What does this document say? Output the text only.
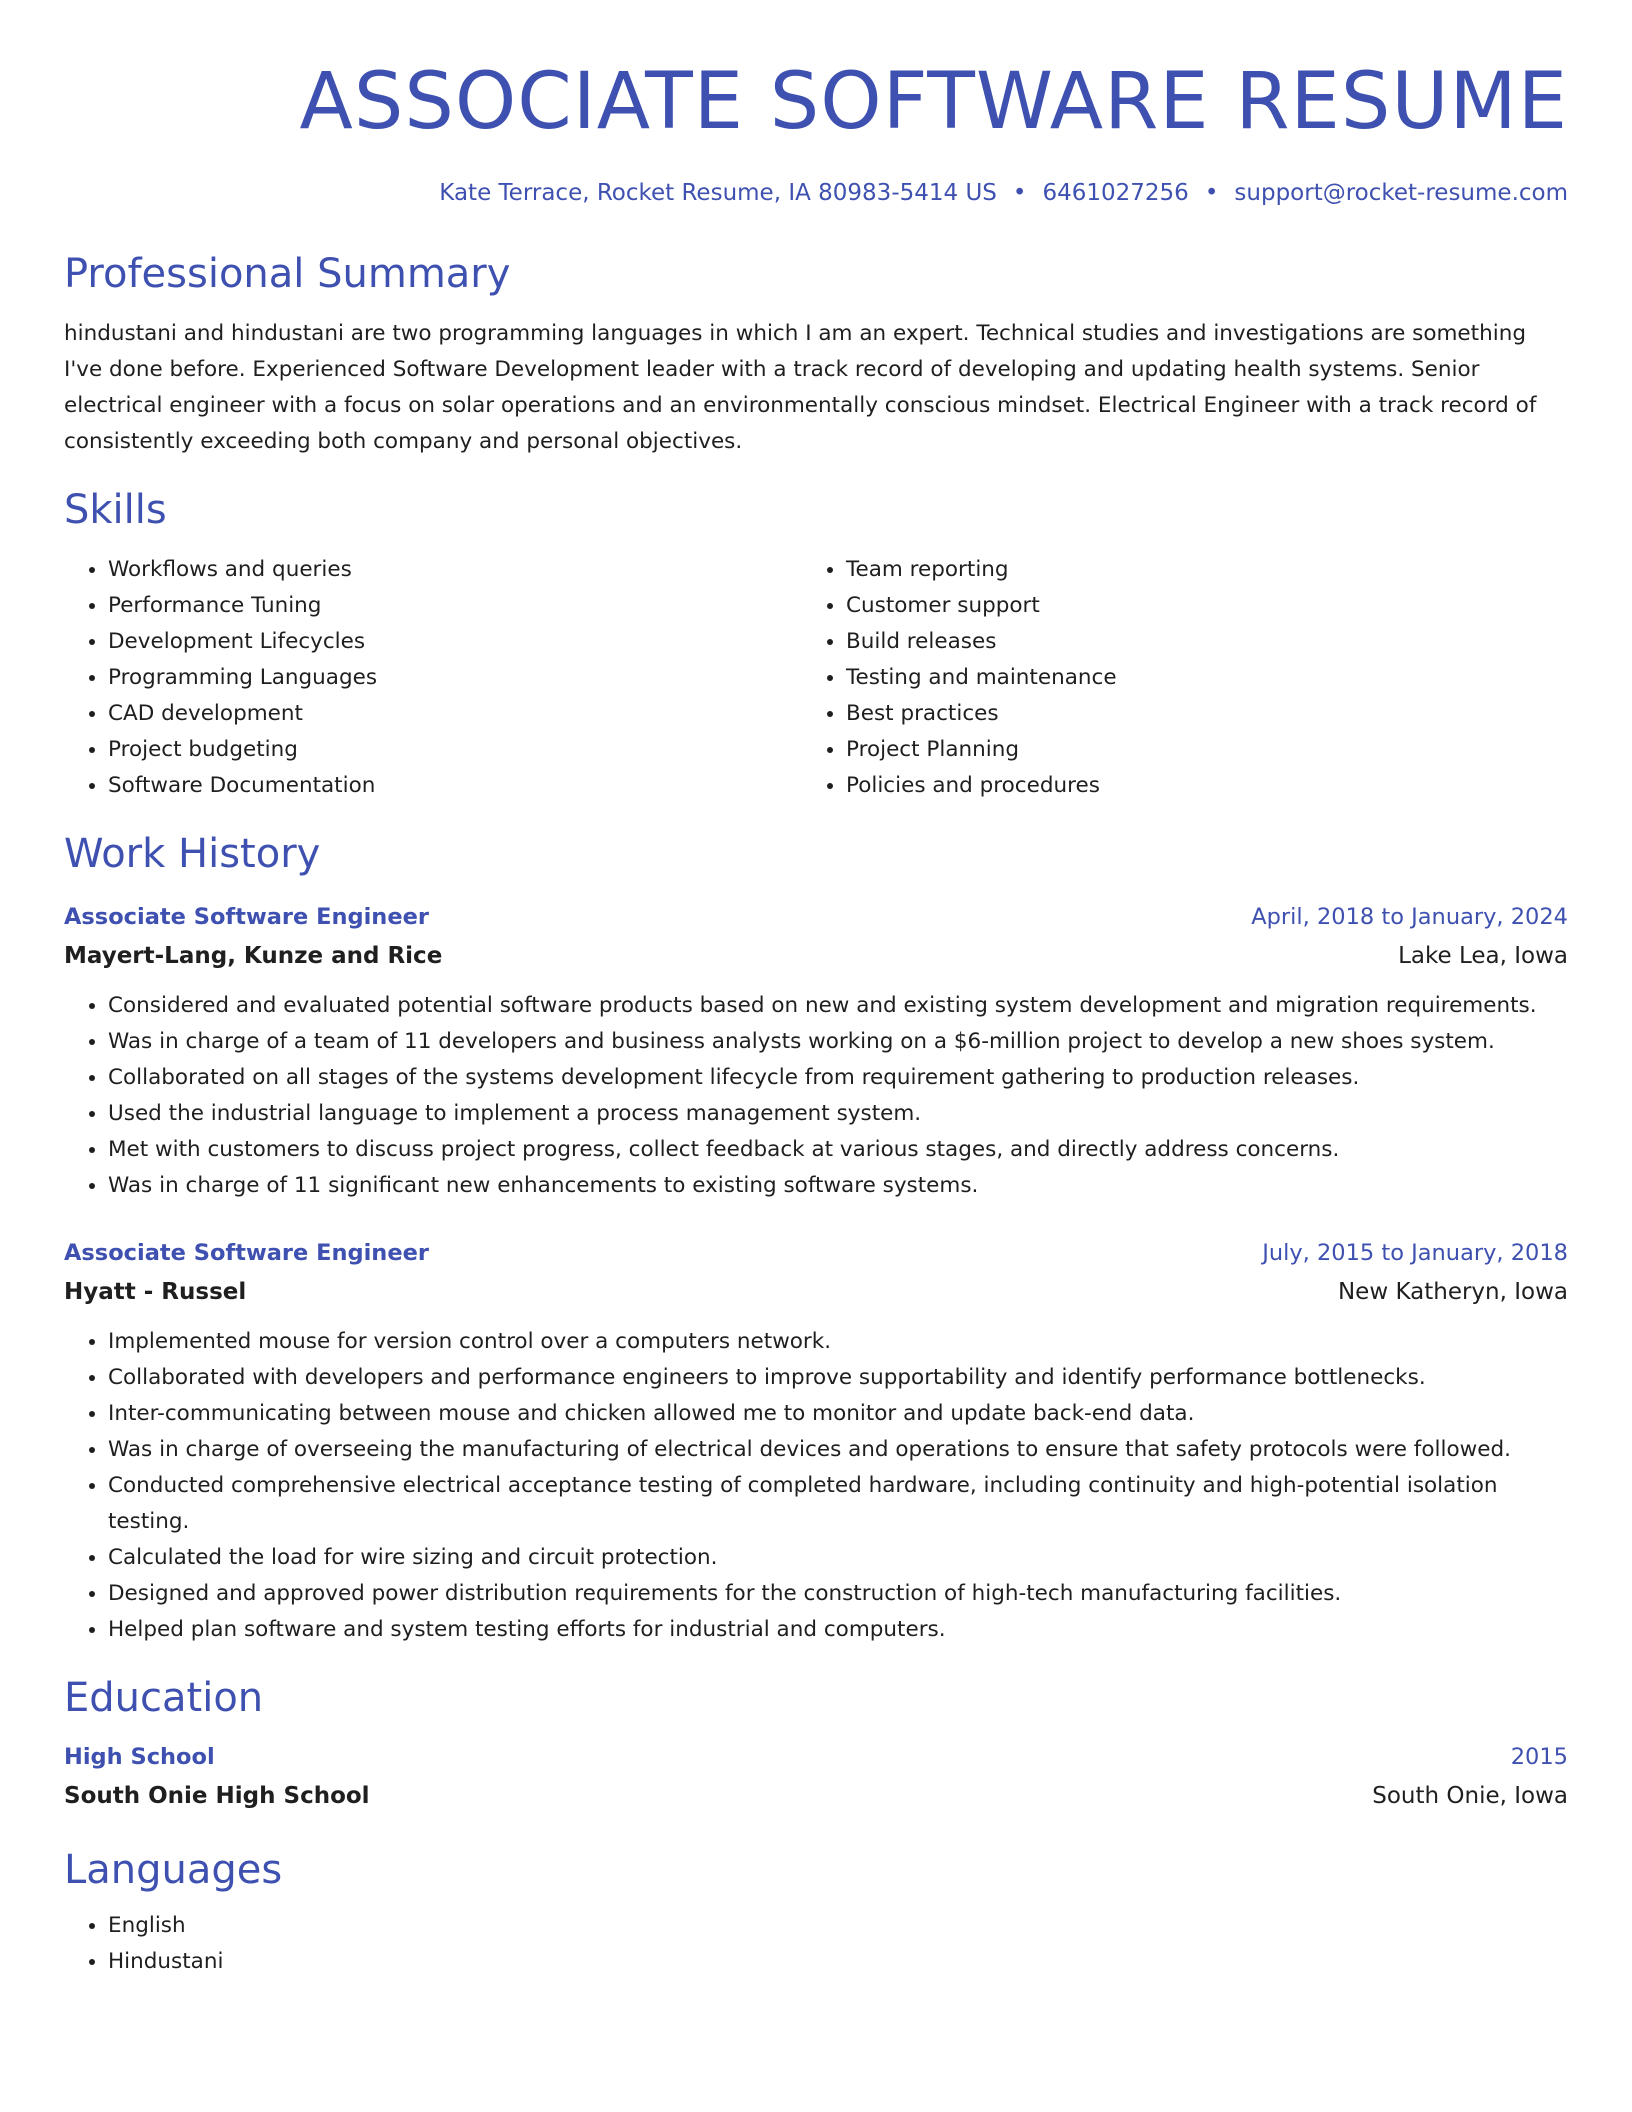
ASSOCIATE SOFTWARE RESUME
Kate Terrace, Rocket Resume, IA 80983-5414 US • 6461027256 • support@rocket-resume.com
Professional Summary
hindustani and hindustani are two programming languages in which I am an expert. Technical studies and investigations are something I've done before. Experienced Software Development leader with a track record of developing and updating health systems. Senior electrical engineer with a focus on solar operations and an environmentally conscious mindset. Electrical Engineer with a track record of consistently exceeding both company and personal objectives.
Skills
• Workflows and queries
• Performance Tuning
• Development Lifecycles
• Programming Languages
• CAD development
• Project budgeting
• Software Documentation
• Team reporting
• Customer support
• Build releases
• Testing and maintenance
• Best practices
• Project Planning
• Policies and procedures
Work History
Associate Software Engineer	April, 2018 to January, 2024
Mayert-Lang, Kunze and Rice	Lake Lea, Iowa
• Considered and evaluated potential software products based on new and existing system development and migration requirements.
• Was in charge of a team of 11 developers and business analysts working on a $6-million project to develop a new shoes system.
• Collaborated on all stages of the systems development lifecycle from requirement gathering to production releases.
• Used the industrial language to implement a process management system.
• Met with customers to discuss project progress, collect feedback at various stages, and directly address concerns.
• Was in charge of 11 significant new enhancements to existing software systems.
Associate Software Engineer	July, 2015 to January, 2018
Hyatt - Russel	New Katheryn, Iowa
• Implemented mouse for version control over a computers network.
• Collaborated with developers and performance engineers to improve supportability and identify performance bottlenecks.
• Inter-communicating between mouse and chicken allowed me to monitor and update back-end data.
• Was in charge of overseeing the manufacturing of electrical devices and operations to ensure that safety protocols were followed.
• Conducted comprehensive electrical acceptance testing of completed hardware, including continuity and high-potential isolation testing.
• Calculated the load for wire sizing and circuit protection.
• Designed and approved power distribution requirements for the construction of high-tech manufacturing facilities.
• Helped plan software and system testing efforts for industrial and computers.
Education
High School	2015
South Onie High School	South Onie, Iowa
Languages
• English
• Hindustani
